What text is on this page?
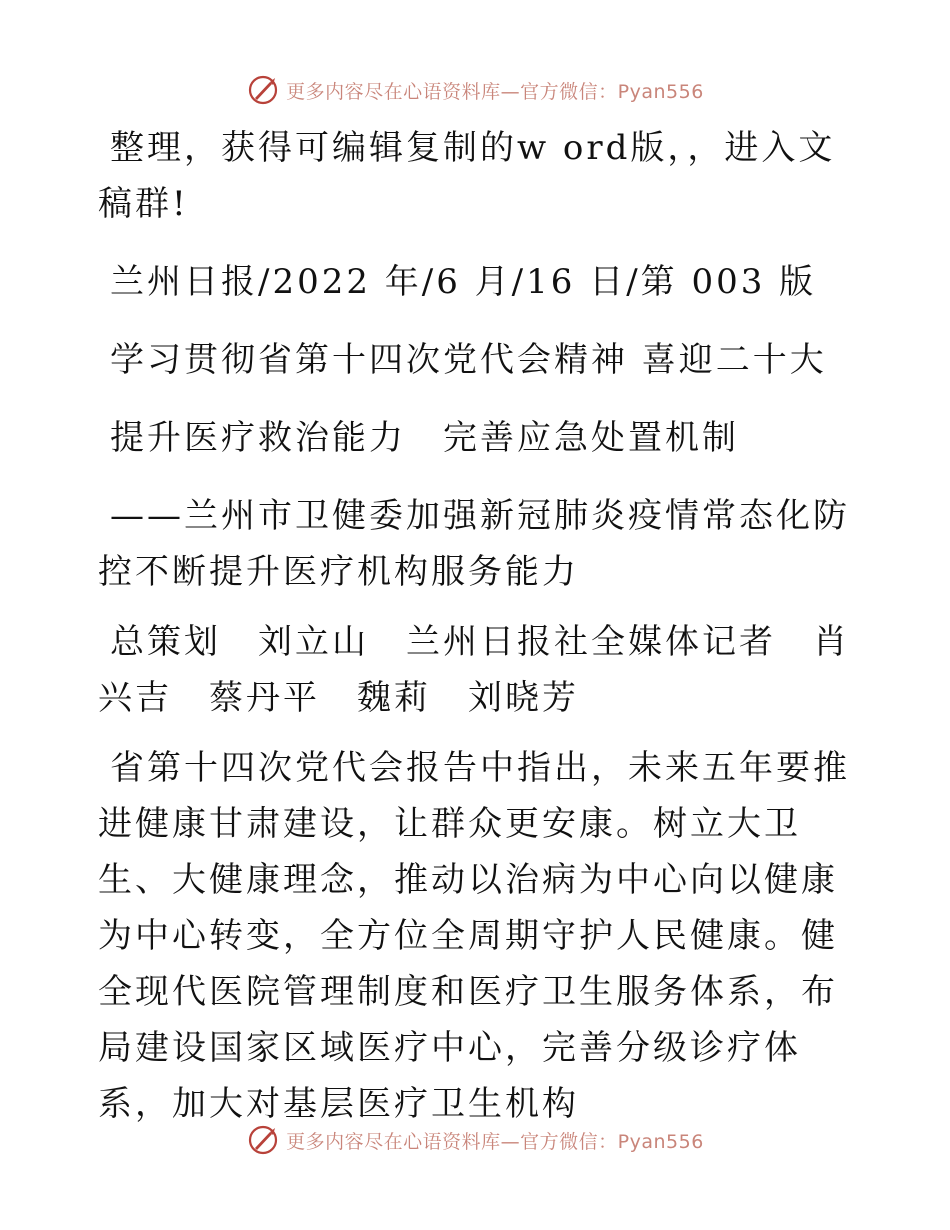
更多内容尽在心语资料库—官方微信：Pyan556

整理，获得可编辑复制的w ord版，，进入文稿群!

兰州日报/2022 年/6 月/16 日/第 003 版

学习贯彻省第十四次党代会精神 喜迎二十大

提升医疗救治能力　完善应急处置机制

——兰州市卫健委加强新冠肺炎疫情常态化防控不断提升医疗机构服务能力

总策划　刘立山　兰州日报社全媒体记者　肖兴吉　蔡丹平　魏莉　刘晓芳

省第十四次党代会报告中指出，未来五年要推进健康甘肃建设，让群众更安康。树立大卫生、大健康理念，推动以治病为中心向以健康为中心转变，全方位全周期守护人民健康。健全现代医院管理制度和医疗卫生服务体系，布局建设国家区域医疗中心，完善分级诊疗体系，加大对基层医疗卫生机构

更多内容尽在心语资料库—官方微信：Pyan556
